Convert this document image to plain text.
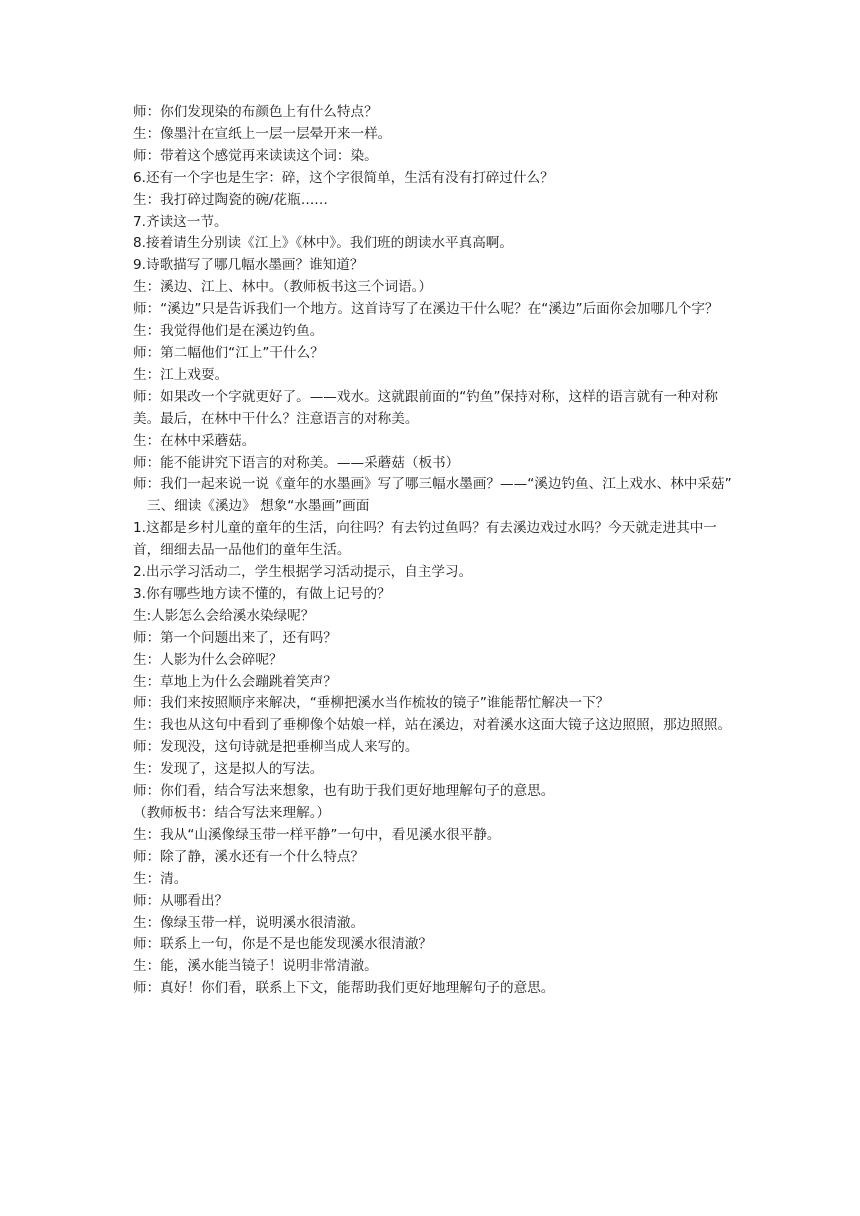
师：你们发现染的布颜色上有什么特点？

生：像墨汁在宣纸上一层一层晕开来一样。

师：带着这个感觉再来读读这个词：染。

6.还有一个字也是生字：碎，这个字很简单，生活有没有打碎过什么？

生：我打碎过陶瓷的碗/花瓶……

7.齐读这一节。

8.接着请生分别读《江上》《林中》。我们班的朗读水平真高啊。

9.诗歌描写了哪几幅水墨画？谁知道？

生：溪边、江上、林中。（教师板书这三个词语。）

师：“溪边”只是告诉我们一个地方。这首诗写了在溪边干什么呢？在“溪边”后面你会加哪几个字？

生：我觉得他们是在溪边钓鱼。

师：第二幅他们“江上”干什么？

生：江上戏耍。

师：如果改一个字就更好了。——戏水。这就跟前面的“钓鱼”保持对称，这样的语言就有一种对称美。最后，在林中干什么？注意语言的对称美。

生：在林中采蘑菇。

师：能不能讲究下语言的对称美。——采蘑菇（板书）

师：我们一起来说一说《童年的水墨画》写了哪三幅水墨画？——“溪边钓鱼、江上戏水、林中采菇”

三、细读《溪边》 想象“水墨画”画面

1.这都是乡村儿童的童年的生活，向往吗？有去钓过鱼吗？有去溪边戏过水吗？今天就走进其中一首，细细去品一品他们的童年生活。

2.出示学习活动二，学生根据学习活动提示，自主学习。

3.你有哪些地方读不懂的，有做上记号的？

生:人影怎么会给溪水染绿呢？

师：第一个问题出来了，还有吗？

生：人影为什么会碎呢？

生：草地上为什么会蹦跳着笑声？

师：我们来按照顺序来解决，“垂柳把溪水当作梳妆的镜子”谁能帮忙解决一下？

生：我也从这句中看到了垂柳像个姑娘一样，站在溪边，对着溪水这面大镜子这边照照，那边照照。

师：发现没，这句诗就是把垂柳当成人来写的。

生：发现了，这是拟人的写法。

师：你们看，结合写法来想象，也有助于我们更好地理解句子的意思。

（教师板书：结合写法来理解。）

生：我从“山溪像绿玉带一样平静”一句中，看见溪水很平静。

师：除了静，溪水还有一个什么特点？

生：清。

师：从哪看出？

生：像绿玉带一样，说明溪水很清澈。

师：联系上一句，你是不是也能发现溪水很清澈？

生：能，溪水能当镜子！说明非常清澈。

师：真好！你们看，联系上下文，能帮助我们更好地理解句子的意思。
